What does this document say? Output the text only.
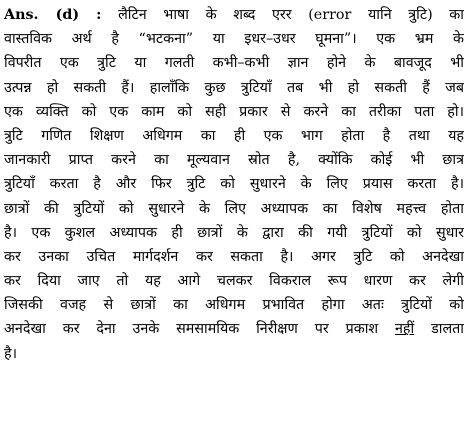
Ans. (d) : लैटिन भाषा के शब्द एरर (error यानि त्रुटि) का
वास्तविक अर्थ है “भटकना” या इधर–उधर घूमना”। एक भ्रम के
विपरीत एक त्रुटि या गलती कभी–कभी ज्ञान होने के बावजूद भी
उत्पन्न हो सकती हैं। हालाँकि कुछ त्रुटियाँ तब भी हो सकती हैं जब
एक व्यक्ति को एक काम को सही प्रकार से करने का तरीका पता हो।
त्रुटि गणित शिक्षण अधिगम का ही एक भाग होता है तथा यह
जानकारी प्राप्त करने का मूल्यवान स्रोत है, क्योंकि कोई भी छात्र
त्रुटियाँ करता है और फिर त्रुटि को सुधारने के लिए प्रयास करता है।
छात्रों की त्रुटियों को सुधारने के लिए अध्यापक का विशेष महत्त्व होता
है। एक कुशल अध्यापक ही छात्रों के द्वारा की गयी त्रुटियों को सुधार
कर उनका उचित मार्गदर्शन कर सकता है। अगर त्रुटि को अनदेखा
कर दिया जाए तो यह आगे चलकर विकराल रूप धारण कर लेगी
जिसकी वजह से छात्रों का अधिगम प्रभावित होगा अतः त्रुटियों को
अनदेखा कर देना उनके समसामयिक निरीक्षण पर प्रकाश नहीं डालता
है।
